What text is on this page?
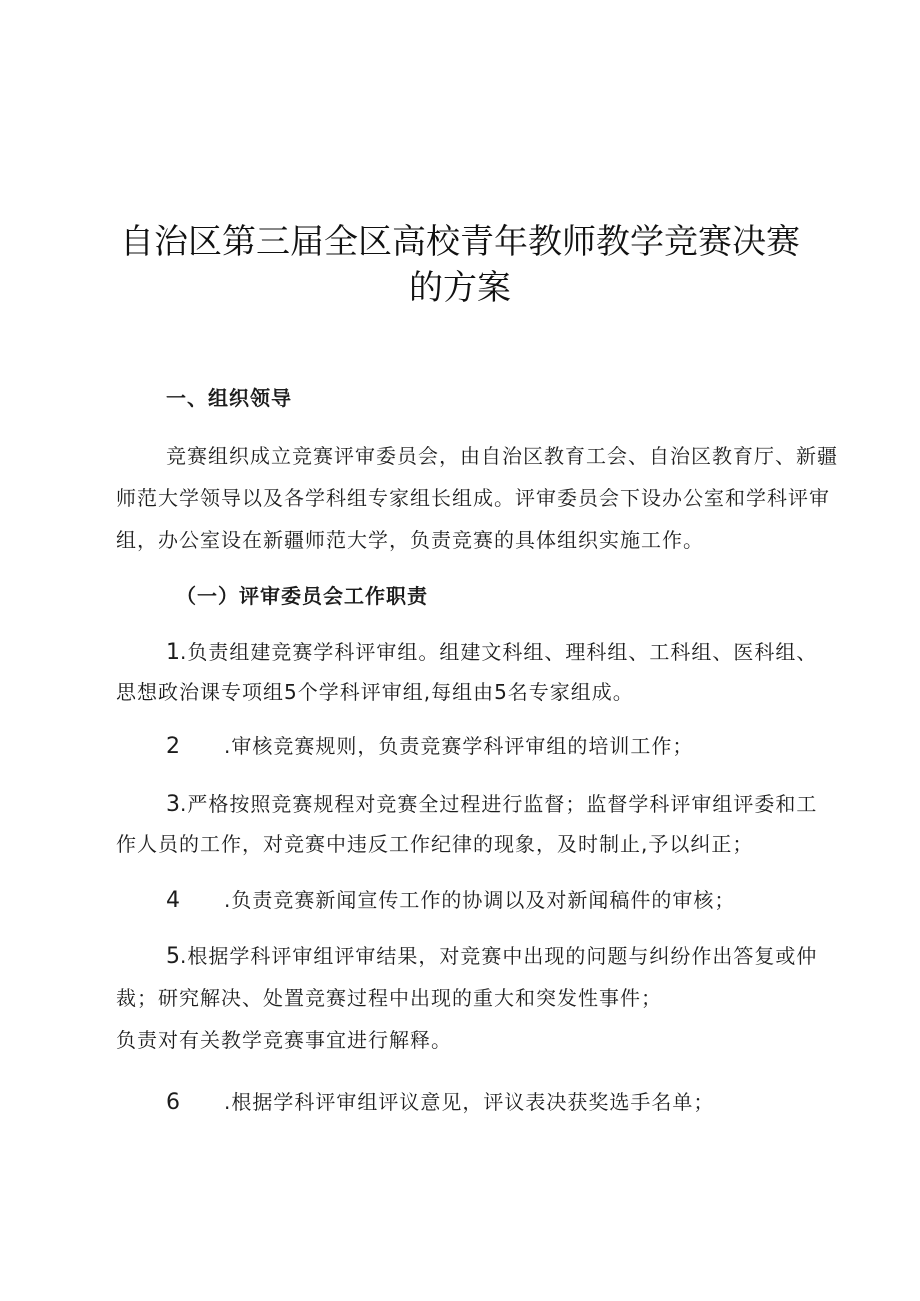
自治区第三届全区高校青年教师教学竞赛决赛
的方案
一、组织领导
竞赛组织成立竞赛评审委员会，由自治区教育工会、自治区教育厅、新疆
师范大学领导以及各学科组专家组长组成。评审委员会下设办公室和学科评审
组，办公室设在新疆师范大学，负责竞赛的具体组织实施工作。
（一）评审委员会工作职责
1.负责组建竞赛学科评审组。组建文科组、理科组、工科组、医科组、
思想政治课专项组5个学科评审组,每组由5名专家组成。
2 .审核竞赛规则，负责竞赛学科评审组的培训工作；
3.严格按照竞赛规程对竞赛全过程进行监督；监督学科评审组评委和工
作人员的工作，对竞赛中违反工作纪律的现象，及时制止,予以纠正；
4 .负责竞赛新闻宣传工作的协调以及对新闻稿件的审核；
5.根据学科评审组评审结果，对竞赛中出现的问题与纠纷作出答复或仲
裁；研究解决、处置竞赛过程中出现的重大和突发性事件；
负责对有关教学竞赛事宜进行解释。
6 .根据学科评审组评议意见，评议表决获奖选手名单；
